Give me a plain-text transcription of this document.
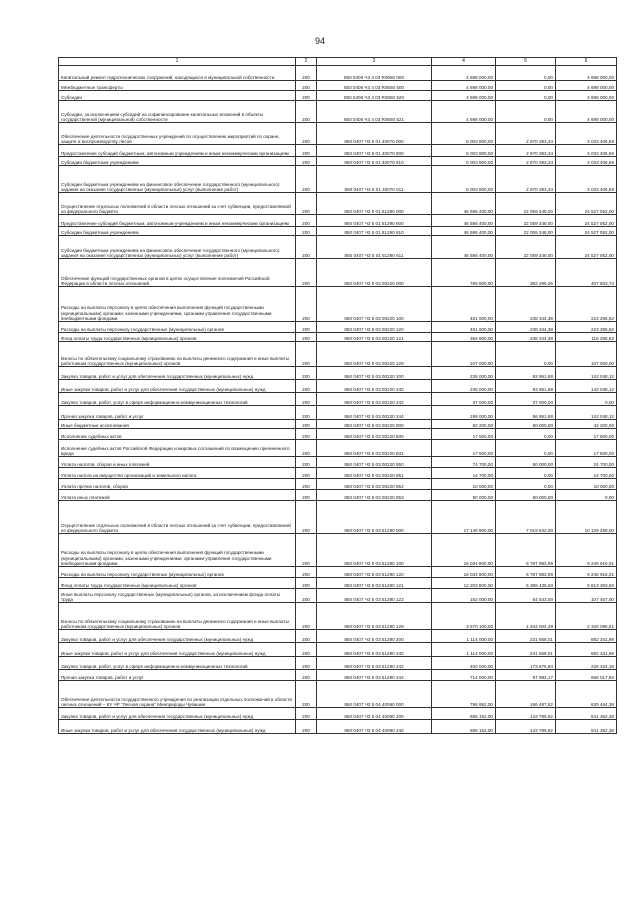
94
1	2	3	4	5	6
Капитальный ремонт гидротехнических сооружений, находящихся в муниципальной собственности	200	850 0406 Ч3 4 03 R0650 000	4 698 000,00	0,00	4 698 000,00
Межбюджетные трансферты	200	850 0406 Ч3 4 03 R0650 500	4 698 000,00	0,00	4 698 000,00
Субсидии	200	850 0406 Ч3 4 03 R0650 520	4 698 000,00	0,00	4 698 000,00
Субсидии, за исключением субсидий на софинансирование капитальных вложений в объекты государственной (муниципальной) собственности	200	850 0406 Ч3 4 03 R0650 521	4 698 000,00	0,00	4 698 000,00
Обеспечение деятельности государственных учреждений по осуществлению мероприятий по охране, защите и воспроизводству лесов	200	850 0407 Ч3 5 01 40070 000	6 003 800,00	2 970 393,34	3 033 406,66
Предоставление субсидий бюджетным, автономным учреждениям и иным некоммерческим организациям	200	850 0407 Ч3 5 01 40070 600	6 003 800,00	2 970 393,34	3 033 406,66
Субсидии бюджетным учреждениям	200	850 0407 Ч3 5 01 40070 610	6 003 800,00	2 970 393,34	3 033 406,66
Субсидии бюджетным учреждениям на финансовое обеспечение государственного (муниципального) задания на оказание государственных (муниципальных) услуг (выполнение работ)	200	850 0407 Ч3 5 01 40070 611	6 003 800,00	2 970 393,34	3 033 406,66
Осуществление отдельных полномочий в области лесных отношений за счет субвенции, предоставляемой из федерального бюджета	200	850 0407 Ч3 5 01 51290 000	46 586 400,00	22 059 348,00	24 527 052,00
Предоставление субсидий бюджетным, автономным учреждениям и иным некоммерческим организациям	200	850 0407 Ч3 5 01 51290 600	46 586 400,00	22 059 348,00	24 527 052,00
Субсидии бюджетным учреждениям	200	850 0407 Ч3 5 01 51290 610	46 586 400,00	22 059 348,00	24 527 052,00
Субсидии бюджетным учреждениям на финансовое обеспечение государственного (муниципального) задания на оказание государственных (муниципальных) услуг (выполнение работ)	200	850 0407 Ч3 5 01 51290 611	46 586 400,00	22 059 348,00	24 527 052,00
Обеспечение функций государственных органов в целях осуществления полномочий Российской Федерации в области лесных отношений	200	850 0407 Ч3 5 03 00220 000	789 800,00	382 296,26	407 503,74
Расходы на выплаты персоналу в целях обеспечения выполнения функций государственными (муниципальными) органами, казенными учреждениями, органами управления государственными внебюджетными фондами	200	850 0407 Ч3 5 03 00220 100	461 600,00	238 344,38	223 255,62
Расходы на выплаты персоналу государственных (муниципальных) органов	200	850 0407 Ч3 5 03 00220 120	461 600,00	238 344,38	223 255,62
Фонд оплаты труда государственных (муниципальных) органов	200	850 0407 Ч3 5 03 00220 121	354 600,00	238 344,38	116 255,62
Взносы по обязательному социальному страхованию на выплаты денежного содержания и иные выплаты работникам государственных (муниципальных) органов	200	850 0407 Ч3 5 03 00220 129	107 000,00	0,00	107 000,00
Закупка товаров, работ и услуг для обеспечения государственных (муниципальных) нужд	200	850 0407 Ч3 5 03 00220 200	236 000,00	93 951,88	142 048,12
Иные закупки товаров, работ и услуг для обеспечения государственных (муниципальных) нужд	200	850 0407 Ч3 5 03 00220 240	236 000,00	93 951,88	142 048,12
Закупка товаров, работ, услуг в сфере информационно-коммуникационных технологий	200	850 0407 Ч3 5 03 00220 242	37 000,00	37 000,00	0,00
Прочая закупка товаров, работ и услуг	200	850 0407 Ч3 5 03 00220 244	199 000,00	56 951,88	142 048,12
Иные бюджетные ассигнования	200	850 0407 Ч3 5 03 00220 800	92 200,00	50 000,00	42 200,00
Исполнение судебных актов	200	850 0407 Ч3 5 03 00220 830	17 500,00	0,00	17 500,00
Исполнение судебных актов Российской Федерации и мировых соглашений по возмещению причиненного вреда	200	850 0407 Ч3 5 03 00220 831	17 500,00	0,00	17 500,00
Уплата налогов, сборов и иных платежей	200	850 0407 Ч3 5 03 00220 850	74 700,00	50 000,00	24 700,00
Уплата налога на имущество организаций и земельного налога	200	850 0407 Ч3 5 03 00220 851	14 700,00	0,00	14 700,00
Уплата прочих налогов, сборов	200	850 0407 Ч3 5 03 00220 852	10 000,00	0,00	10 000,00
Уплата иных платежей	200	850 0407 Ч3 5 03 00220 853	50 000,00	50 000,00	0,00
Осуществление отдельных полномочий в области лесных отношений за счет субвенции, предоставляемой из федерального бюджета	200	850 0407 Ч3 5 03 51290 000	17 148 900,00	7 019 642,00	10 129 258,00
Расходы на выплаты персоналу в целях обеспечения выполнения функций государственными (муниципальными) органами, казенными учреждениями, органами управления государственными внебюджетными фондами	200	850 0407 Ч3 5 03 51290 100	16 034 900,00	6 787 983,99	9 246 916,01
Расходы на выплаты персоналу государственных (муниципальных) органов	200	850 0407 Ч3 5 03 51290 120	16 034 900,00	6 787 983,99	9 246 916,01
Фонд оплаты труда государственных (муниципальных) органов	200	850 0407 Ч3 5 03 51290 121	12 202 800,00	5 389 436,50	6 813 363,50
Иные выплаты персоналу государственных (муниципальных) органов, за исключением фонда оплаты труда	200	850 0407 Ч3 5 03 51290 122	162 000,00	54 543,00	107 457,00
Взносы по обязательному социальному страхованию на выплаты денежного содержания и иные выплаты работникам государственных (муниципальных) органов	200	850 0407 Ч3 5 03 51290 129	3 670 100,00	1 344 004,49	2 326 095,51
Закупка товаров, работ и услуг для обеспечения государственных (муниципальных) нужд	200	850 0407 Ч3 5 03 51290 200	1 114 000,00	231 658,01	882 341,99
Иные закупки товаров, работ и услуг для обеспечения государственных (муниципальных) нужд	200	850 0407 Ч3 5 03 51290 240	1 114 000,00	231 658,01	882 341,99
Закупка товаров, работ, услуг в сфере информационно-коммуникационных технологий	200	850 0407 Ч3 5 03 51290 242	400 000,00	173 675,84	226 324,16
Прочая закупка товаров, работ и услуг	200	850 0407 Ч3 5 03 51290 244	714 000,00	57 982,17	656 017,83
Обеспечение деятельности государственного учреждения по реализации отдельных полномочий в области лесных отношений – КУ ЧР "Лесная охрана" Минприроды Чувашии	200	850 0407 Ч3 5 04 40060 000	796 952,00	166 487,62	630 464,38
Закупка товаров, работ и услуг для обеспечения государственных (муниципальных) нужд	200	850 0407 Ч3 5 04 40060 200	685 152,00	143 789,62	541 362,38
Иные закупки товаров, работ и услуг для обеспечения государственных (муниципальных) нужд	200	850 0407 Ч3 5 04 40060 240	685 152,00	143 789,62	541 362,38
